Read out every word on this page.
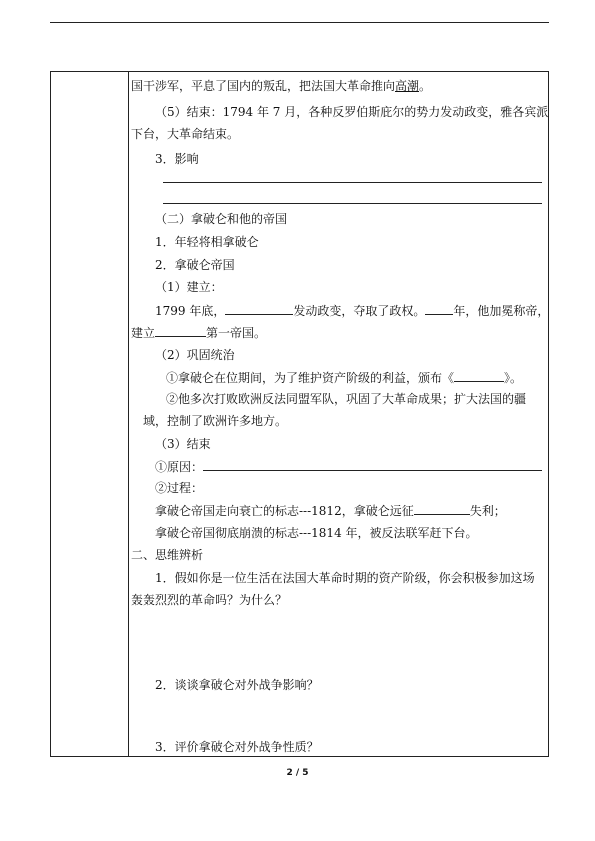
国干涉军，平息了国内的叛乱，把法国大革命推向高潮。
（5）结束：1794 年 7 月，各种反罗伯斯庇尔的势力发动政变，雅各宾派
下台，大革命结束。
3．影响
（二）拿破仑和他的帝国
1．年轻将相拿破仑
2．拿破仑帝国
（1）建立：
1799 年底，	发动政变，夺取了政权。 年，他加冕称帝，
建立	第一帝国。
（2）巩固统治
①拿破仑在位期间，为了维护资产阶级的利益，颁布《	》。
②他多次打败欧洲反法同盟军队，巩固了大革命成果；扩大法国的疆
域，控制了欧洲许多地方。
（3）结束
①原因：
②过程：
拿破仑帝国走向衰亡的标志---1812，拿破仑远征	失利；
拿破仑帝国彻底崩溃的标志---1814 年，被反法联军赶下台。
二、思维辨析
1．假如你是一位生活在法国大革命时期的资产阶级，你会积极参加这场
轰轰烈烈的革命吗？为什么？
2．谈谈拿破仑对外战争影响？
3．评价拿破仑对外战争性质？
2 / 5
